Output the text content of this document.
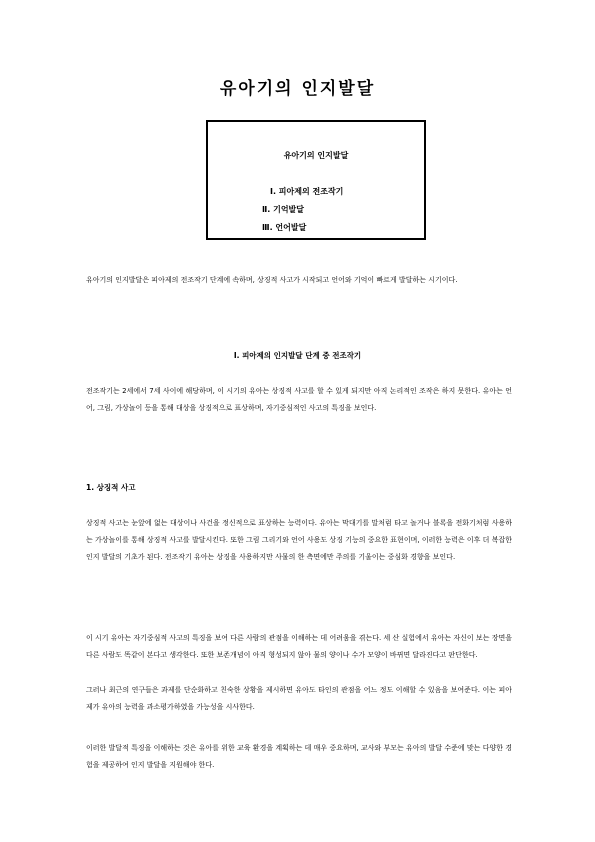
유아기의 인지발달
유아기의 인지발달
Ⅰ. 피아제의 전조작기
Ⅱ. 기억발달
Ⅲ. 언어발달
유아기의 인지발달은 피아제의 전조작기 단계에 속하며, 상징적 사고가 시작되고 언어와 기억이 빠르게 발달하는 시기이다.
Ⅰ. 피아제의 인지발달 단계 중 전조작기
전조작기는 2세에서 7세 사이에 해당하며, 이 시기의 유아는 상징적 사고를 할 수 있게 되지만 아직 논리적인 조작은 하지 못한다. 유아는 언어, 그림, 가상놀이 등을 통해 대상을 상징적으로 표상하며, 자기중심적인 사고의 특징을 보인다.
1. 상징적 사고
상징적 사고는 눈앞에 없는 대상이나 사건을 정신적으로 표상하는 능력이다. 유아는 막대기를 말처럼 타고 놀거나 블록을 전화기처럼 사용하는 가상놀이를 통해 상징적 사고를 발달시킨다. 또한 그림 그리기와 언어 사용도 상징 기능의 중요한 표현이며, 이러한 능력은 이후 더 복잡한 인지 발달의 기초가 된다. 전조작기 유아는 상징을 사용하지만 사물의 한 측면에만 주의를 기울이는 중심화 경향을 보인다.
이 시기 유아는 자기중심적 사고의 특징을 보여 다른 사람의 관점을 이해하는 데 어려움을 겪는다. 세 산 실험에서 유아는 자신이 보는 장면을 다른 사람도 똑같이 본다고 생각한다. 또한 보존개념이 아직 형성되지 않아 물의 양이나 수가 모양이 바뀌면 달라진다고 판단한다.
그러나 최근의 연구들은 과제를 단순화하고 친숙한 상황을 제시하면 유아도 타인의 관점을 어느 정도 이해할 수 있음을 보여준다. 이는 피아제가 유아의 능력을 과소평가하였을 가능성을 시사한다.
이러한 발달적 특징을 이해하는 것은 유아를 위한 교육 환경을 계획하는 데 매우 중요하며, 교사와 부모는 유아의 발달 수준에 맞는 다양한 경험을 제공하여 인지 발달을 지원해야 한다.
